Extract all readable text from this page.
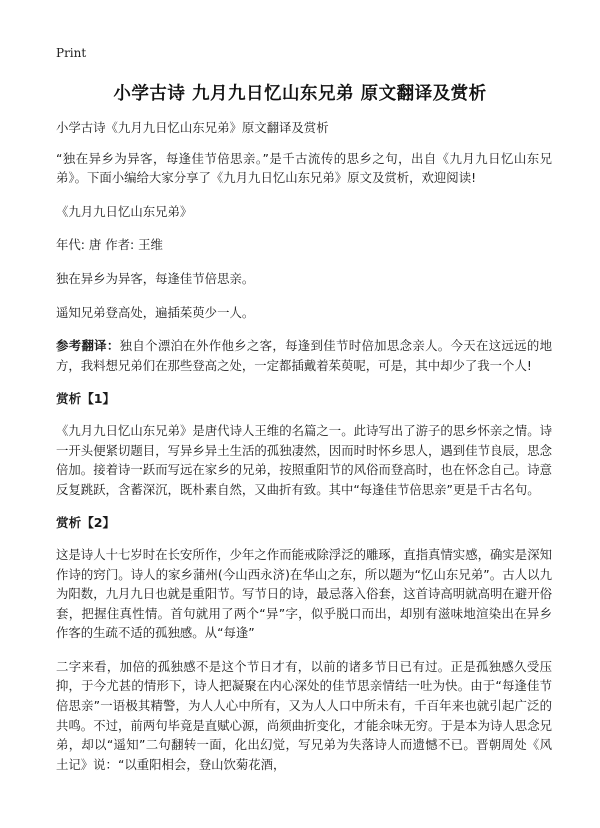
Print
小学古诗 九月九日忆山东兄弟 原文翻译及赏析

小学古诗《九月九日忆山东兄弟》原文翻译及赏析

“独在异乡为异客，每逢佳节倍思亲。”是千古流传的思乡之句，出自《九月九日忆山东兄弟》。下面小编给大家分享了《九月九日忆山东兄弟》原文及赏析，欢迎阅读!

《九月九日忆山东兄弟》

年代: 唐 作者: 王维

独在异乡为异客，每逢佳节倍思亲。

遥知兄弟登高处，遍插茱萸少一人。

参考翻译：独自个漂泊在外作他乡之客，每逢到佳节时倍加思念亲人。今天在这远远的地方，我料想兄弟们在那些登高之处，一定都插戴着茱萸呢，可是，其中却少了我一个人!

赏析【1】

《九月九日忆山东兄弟》是唐代诗人王维的名篇之一。此诗写出了游子的思乡怀亲之情。诗一开头便紧切题目，写异乡异土生活的孤独凄然，因而时时怀乡思人，遇到佳节良辰，思念倍加。接着诗一跃而写远在家乡的兄弟，按照重阳节的风俗而登高时，也在怀念自己。诗意反复跳跃，含蓄深沉，既朴素自然，又曲折有致。其中“每逢佳节倍思亲”更是千古名句。

赏析【2】

这是诗人十七岁时在长安所作，少年之作而能戒除浮泛的雕琢，直指真情实感，确实是深知作诗的窍门。诗人的家乡蒲州(今山西永济)在华山之东，所以题为“忆山东兄弟”。古人以九为阳数，九月九日也就是重阳节。写节日的诗，最忌落入俗套，这首诗高明就高明在避开俗套，把握住真性情。首句就用了两个“异”字，似乎脱口而出，却别有滋味地渲染出在异乡作客的生疏不适的孤独感。从“每逢”

二字来看，加倍的孤独感不是这个节日才有，以前的诸多节日已有过。正是孤独感久受压抑，于今尤甚的情形下，诗人把凝聚在内心深处的佳节思亲情结一吐为快。由于“每逢佳节倍思亲”一语极其精警，为人人心中所有，又为人人口中所未有，千百年来也就引起广泛的共鸣。不过，前两句毕竟是直赋心源，尚须曲折变化，才能余味无穷。于是本为诗人思念兄弟，却以“遥知”二句翻转一面，化出幻觉，写兄弟为失落诗人而遗憾不已。晋朝周处《风土记》说：“以重阳相会，登山饮菊花酒，
